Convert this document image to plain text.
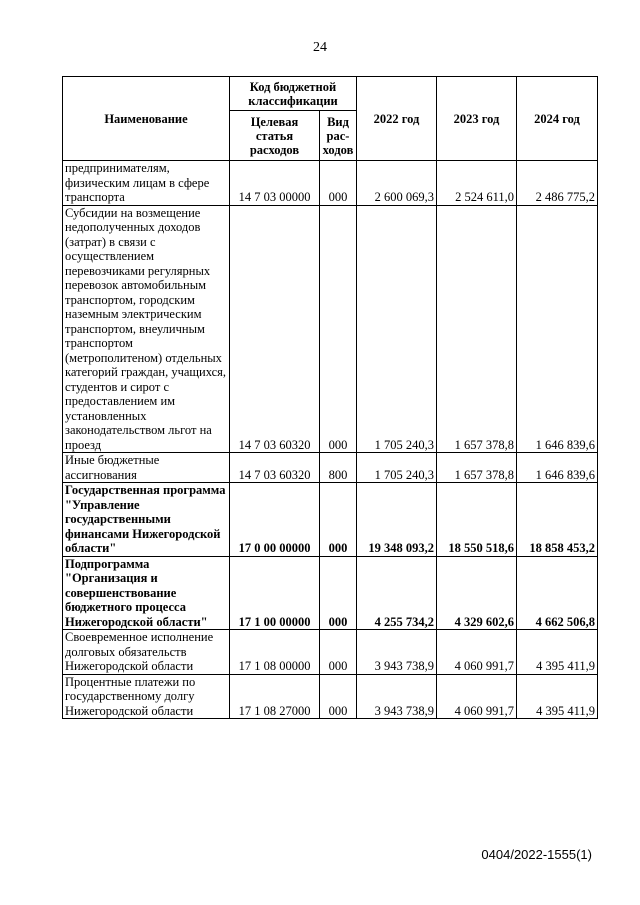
24
Наименование	Код бюджетной классификации		2022 год	2023 год	2024 год
	Целевая статья расходов	Вид рас-ходов			
предпринимателям, физическим лицам в сфере транспорта	14 7 03 00000	000	2 600 069,3	2 524 611,0	2 486 775,2
Субсидии на возмещение недополученных доходов (затрат) в связи с осуществлением перевозчиками регулярных перевозок автомобильным транспортом, городским наземным электрическим транспортом, внеуличным транспортом (метрополитеном) отдельных категорий граждан, учащихся, студентов и сирот с предоставлением им установленных законодательством льгот на проезд	14 7 03 60320	000	1 705 240,3	1 657 378,8	1 646 839,6
Иные бюджетные ассигнования	14 7 03 60320	800	1 705 240,3	1 657 378,8	1 646 839,6
Государственная программа "Управление государственными финансами Нижегородской области"	17 0 00 00000	000	19 348 093,2	18 550 518,6	18 858 453,2
Подпрограмма "Организация и совершенствование бюджетного процесса Нижегородской области"	17 1 00 00000	000	4 255 734,2	4 329 602,6	4 662 506,8
Своевременное исполнение долговых обязательств Нижегородской области	17 1 08 00000	000	3 943 738,9	4 060 991,7	4 395 411,9
Процентные платежи по государственному долгу Нижегородской области	17 1 08 27000	000	3 943 738,9	4 060 991,7	4 395 411,9
0404/2022-1555(1)
